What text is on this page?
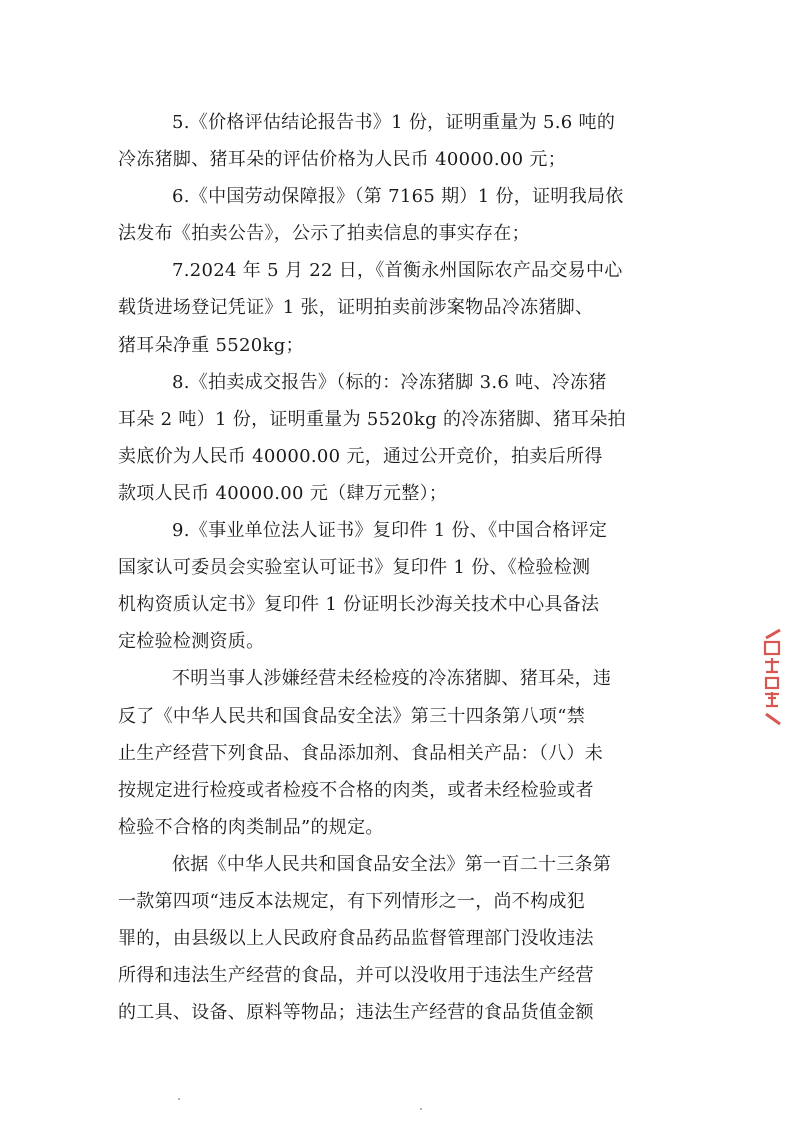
5.《价格评估结论报告书》1 份，证明重量为 5.6 吨的
冷冻猪脚、猪耳朵的评估价格为人民币 40000.00 元；

6.《中国劳动保障报》（第 7165 期）1 份，证明我局依
法发布《拍卖公告》，公示了拍卖信息的事实存在；

7.2024 年 5 月 22 日，《首衡永州国际农产品交易中心
载货进场登记凭证》1 张，证明拍卖前涉案物品冷冻猪脚、
猪耳朵净重 5520kg；

8.《拍卖成交报告》（标的：冷冻猪脚 3.6 吨、冷冻猪
耳朵 2 吨）1 份，证明重量为 5520kg 的冷冻猪脚、猪耳朵拍
卖底价为人民币 40000.00 元，通过公开竞价，拍卖后所得
款项人民币 40000.00 元（肆万元整）；

9.《事业单位法人证书》复印件 1 份、《中国合格评定
国家认可委员会实验室认可证书》复印件 1 份、《检验检测
机构资质认定书》复印件 1 份证明长沙海关技术中心具备法
定检验检测资质。

不明当事人涉嫌经营未经检疫的冷冻猪脚、猪耳朵，违
反了《中华人民共和国食品安全法》第三十四条第八项“禁
止生产经营下列食品、食品添加剂、食品相关产品：（八）未
按规定进行检疫或者检疫不合格的肉类，或者未经检验或者
检验不合格的肉类制品”的规定。

依据《中华人民共和国食品安全法》第一百二十三条第
一款第四项“违反本法规定，有下列情形之一，尚不构成犯
罪的，由县级以上人民政府食品药品监督管理部门没收违法
所得和违法生产经营的食品，并可以没收用于违法生产经营
的工具、设备、原料等物品；违法生产经营的食品货值金额
